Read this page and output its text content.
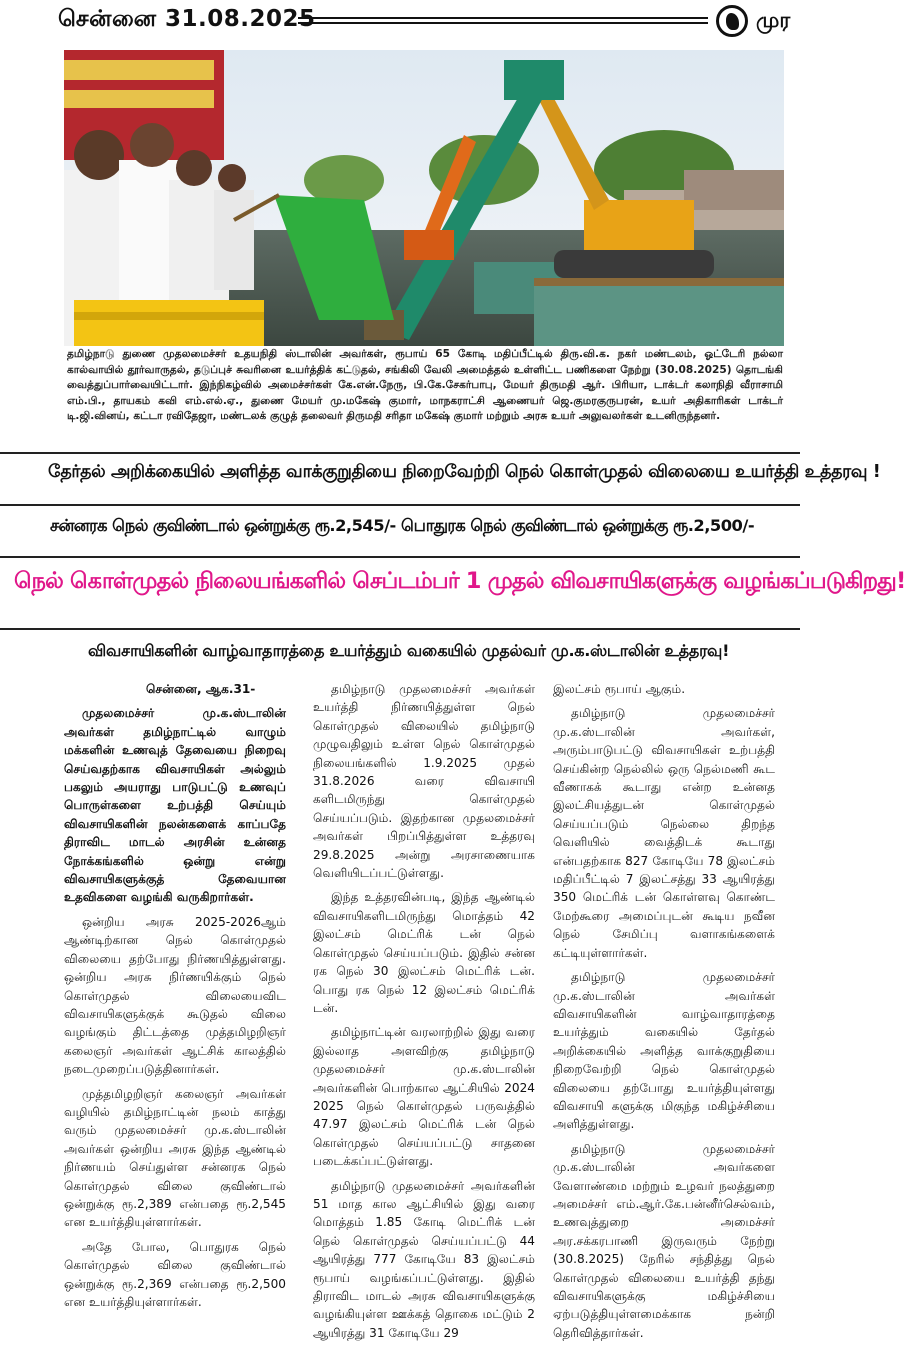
சென்னை 31.08.2025	முர
தமிழ்நாடு துணை முதலமைச்சர் உதயநிதி ஸ்டாலின் அவர்கள், ரூபாய் 65 கோடி மதிப்பீட்டில் திரு.வி.க. நகர் மண்டலம், ஓட்டேரி நல்லா கால்வாயில் தூர்வாருதல், தடுப்புச் சுவரினை உயர்த்திக் கட்டுதல், சங்கிலி வேலி அமைத்தல் உள்ளிட்ட பணிகளை நேற்று (30.08.2025) தொடங்கி வைத்துப்பார்வையிட்டார். இந்நிகழ்வில் அமைச்சர்கள் கே.என்.நேரு, பி.கே.சேகர்பாபு, மேயர் திருமதி ஆர். பிரியா, டாக்டர் கலாநிதி வீராசாமி எம்.பி., தாயகம் கவி எம்.எல்.ஏ., துணை மேயர் மு.மகேஷ் குமார், மாநகராட்சி ஆணையர் ஜெ.குமரகுருபரன், உயர் அதிகாரிகள் டாக்டர் டி.ஜி.வினய், கட்டா ரவிதேஜா, மண்டலக் குழுத் தலைவர் திருமதி சரிதா மகேஷ் குமார் மற்றும் அரசு உயர் அலுவலர்கள் உடனிருந்தனர்.
தேர்தல் அறிக்கையில் அளித்த வாக்குறுதியை நிறைவேற்றி நெல் கொள்முதல் விலையை உயர்த்தி உத்தரவு !
சன்னரக நெல் குவிண்டால் ஒன்றுக்கு ரூ.2,545/- பொதுரக நெல் குவிண்டால் ஒன்றுக்கு ரூ.2,500/-
நெல் கொள்முதல் நிலையங்களில் செப்டம்பர் 1 முதல் விவசாயிகளுக்கு வழங்கப்படுகிறது!
விவசாயிகளின் வாழ்வாதாரத்தை உயர்த்தும் வகையில் முதல்வர் மு.க.ஸ்டாலின் உத்தரவு!

சென்னை, ஆக.31-

முதலமைச்சர் மு.க.ஸ்டாலின் அவர்கள் தமிழ்நாட்டில் வாழும் மக்களின் உணவுத் தேவையை நிறைவு செய்வதற்காக விவசாயிகள் அல்லும் பகலும் அயராது பாடுபட்டு உணவுப் பொருள்களை உற்பத்தி செய்யும் விவசாயிகளின் நலன்களைக் காப்பதே திராவிட மாடல் அரசின் உன்னத நோக்கங்களில் ஒன்று என்று விவசாயிகளுக்குத் தேவையான உதவிகளை வழங்கி வருகிறார்கள்.

ஒன்றிய அரசு 2025-2026ஆம் ஆண்டிற்கான நெல் கொள்முதல் விலையை தற்போது நிர்ணயித்துள்ளது. ஒன்றிய அரசு நிர்ணயிக்கும் நெல் கொள்முதல் விலையைவிட விவசாயிகளுக்குக் கூடுதல் விலை வழங்கும் திட்டத்தை முத்தமிழறிஞர் கலைஞர் அவர்கள் ஆட்சிக் காலத்தில் நடைமுறைப்படுத்தினார்கள்.

முத்தமிழறிஞர் கலைஞர் அவர்கள் வழியில் தமிழ்நாட்டின் நலம் காத்து வரும் முதலமைச்சர் மு.க.ஸ்டாலின் அவர்கள் ஒன்றிய அரசு இந்த ஆண்டில் நிர்ணயம் செய்துள்ள சன்னரக நெல் கொள்முதல் விலை குவிண்டால் ஒன்றுக்கு ரூ.2,389 என்பதை ரூ.2,545 என உயர்த்தியுள்ளார்கள்.

அதே போல, பொதுரக நெல் கொள்முதல் விலை குவிண்டால் ஒன்றுக்கு ரூ.2,369 என்பதை ரூ.2,500 என உயர்த்தியுள்ளார்கள்.

தமிழ்நாடு முதலமைச்சர் அவர்கள் உயர்த்தி நிர்ணயித்துள்ள நெல் கொள்முதல் விலையில் தமிழ்நாடு முழுவதிலும் உள்ள நெல் கொள்முதல் நிலையங்களில் 1.9.2025 முதல் 31.8.2026 வரை விவசாயி களிடமிருந்து கொள்முதல் செய்யப்படும். இதற்கான முதலமைச்சர் அவர்கள் பிறப்பித்துள்ள உத்தரவு 29.8.2025 அன்று அரசாணையாக வெளியிடப்பட்டுள்ளது.

இந்த உத்தரவின்படி, இந்த ஆண்டில் விவசாயிகளிடமிருந்து மொத்தம் 42 இலட்சம் மெட்ரிக் டன் நெல் கொள்முதல் செய்யப்படும். இதில் சன்ன ரக நெல் 30 இலட்சம் மெட்ரிக் டன். பொது ரக நெல் 12 இலட்சம் மெட்ரிக் டன்.

தமிழ்நாட்டின் வரலாற்றில் இது வரை இல்லாத அளவிற்கு தமிழ்நாடு முதலமைச்சர் மு.க.ஸ்டாலின் அவர்களின் பொற்கால ஆட்சியில் 2024 2025 நெல் கொள்முதல் பருவத்தில் 47.97 இலட்சம் மெட்ரிக் டன் நெல் கொள்முதல் செய்யப்பட்டு சாதனை படைக்கப்பட்டுள்ளது.

தமிழ்நாடு முதலமைச்சர் அவர்களின் 51 மாத கால ஆட்சியில் இது வரை மொத்தம் 1.85 கோடி மெட்ரிக் டன் நெல் கொள்முதல் செய்யப்பட்டு 44 ஆயிரத்து 777 கோடியே 83 இலட்சம் ரூபாய் வழங்கப்பட்டுள்ளது. இதில் திராவிட மாடல் அரசு விவசாயிகளுக்கு வழங்கியுள்ள ஊக்கத் தொகை மட்டும் 2 ஆயிரத்து 31 கோடியே 29

இலட்சம் ரூபாய் ஆகும்.

தமிழ்நாடு முதலமைச்சர் மு.க.ஸ்டாலின் அவர்கள், அரும்பாடுபட்டு விவசாயிகள் உற்பத்தி செய்கின்ற நெல்லில் ஒரு நெல்மணி கூட வீணாகக் கூடாது என்ற உன்னத இலட்சியத்துடன் கொள்முதல் செய்யப்படும் நெல்லை திறந்த வெளியில் வைத்திடக் கூடாது என்பதற்காக 827 கோடியே 78 இலட்சம் மதிப்பீட்டில் 7 இலட்சத்து 33 ஆயிரத்து 350 மெட்ரிக் டன் கொள்ளவு கொண்ட மேற்கூரை அமைப்புடன் கூடிய நவீன நெல் சேமிப்பு வளாகங்களைக் கட்டியுள்ளார்கள்.

தமிழ்நாடு முதலமைச்சர் மு.க.ஸ்டாலின் அவர்கள் விவசாயிகளின் வாழ்வாதாரத்தை உயர்த்தும் வகையில் தேர்தல் அறிக்கையில் அளித்த வாக்குறுதியை நிறைவேற்றி நெல் கொள்முதல் விலையை தற்போது உயர்த்தியுள்ளது விவசாயி களுக்கு மிகுந்த மகிழ்ச்சியை அளித்துள்ளது.

தமிழ்நாடு முதலமைச்சர் மு.க.ஸ்டாலின் அவர்களை வேளாண்மை மற்றும் உழவர் நலத்துறை அமைச்சர் எம்.ஆர்.கே.பன்னீர்செல்வம், உணவுத்துறை அமைச்சர் அர.சக்கரபாணி இருவரும் நேற்று (30.8.2025) நேரில் சந்தித்து நெல் கொள்முதல் விலையை உயர்த்தி தந்து விவசாயிகளுக்கு மகிழ்ச்சியை ஏற்படுத்தியுள்ளமைக்காக நன்றி தெரிவித்தார்கள்.
